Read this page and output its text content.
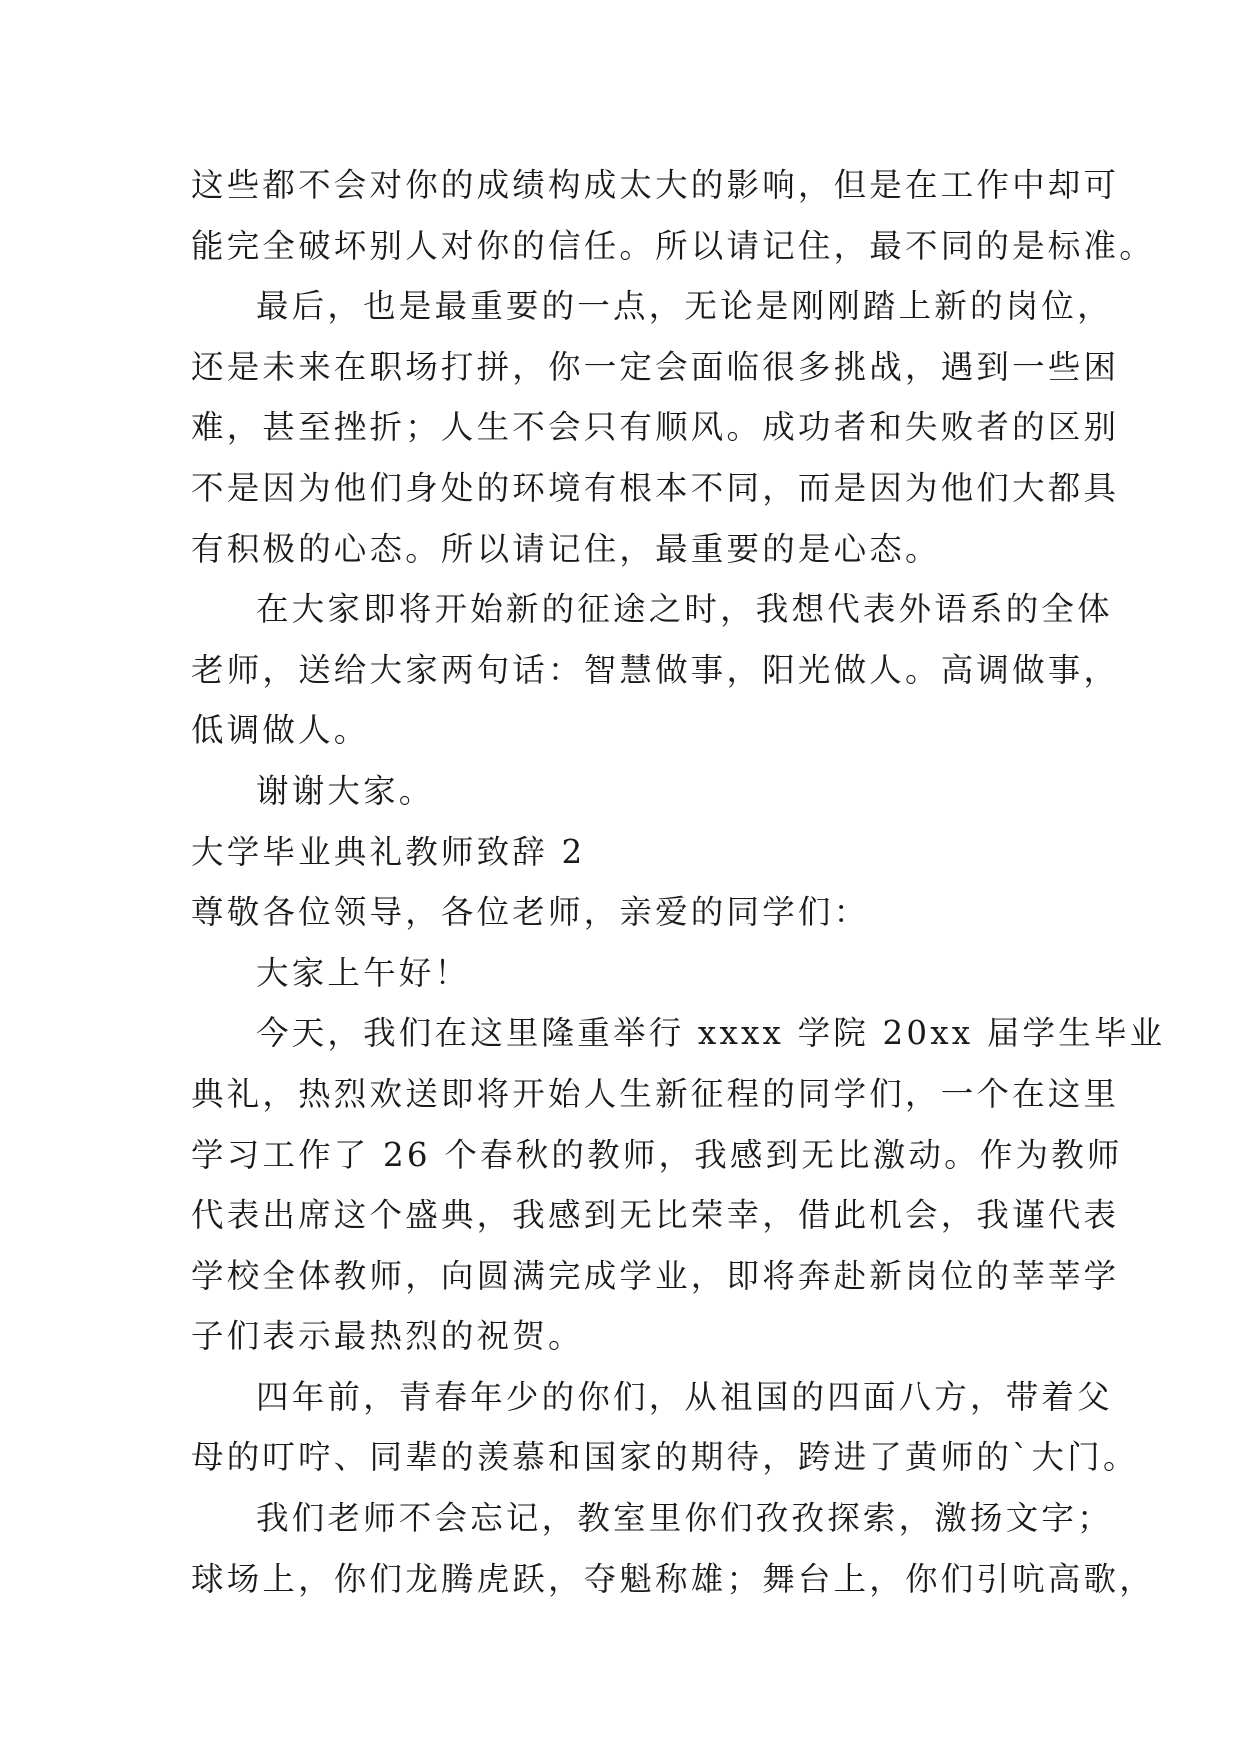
这些都不会对你的成绩构成太大的影响，但是在工作中却可
能完全破坏别人对你的信任。所以请记住，最不同的是标准。
最后，也是最重要的一点，无论是刚刚踏上新的岗位，
还是未来在职场打拼，你一定会面临很多挑战，遇到一些困
难，甚至挫折；人生不会只有顺风。成功者和失败者的区别
不是因为他们身处的环境有根本不同，而是因为他们大都具
有积极的心态。所以请记住，最重要的是心态。
在大家即将开始新的征途之时，我想代表外语系的全体
老师，送给大家两句话：智慧做事，阳光做人。高调做事，
低调做人。
谢谢大家。
大学毕业典礼教师致辞 2
尊敬各位领导，各位老师，亲爱的同学们：
大家上午好！
今天，我们在这里隆重举行 xxxx 学院 20xx 届学生毕业
典礼，热烈欢送即将开始人生新征程的同学们，一个在这里
学习工作了 26 个春秋的教师，我感到无比激动。作为教师
代表出席这个盛典，我感到无比荣幸，借此机会，我谨代表
学校全体教师，向圆满完成学业，即将奔赴新岗位的莘莘学
子们表示最热烈的祝贺。
四年前，青春年少的你们，从祖国的四面八方，带着父
母的叮咛、同辈的羡慕和国家的期待，跨进了黄师的`大门。
我们老师不会忘记，教室里你们孜孜探索，激扬文字；
球场上，你们龙腾虎跃，夺魁称雄；舞台上，你们引吭高歌，
